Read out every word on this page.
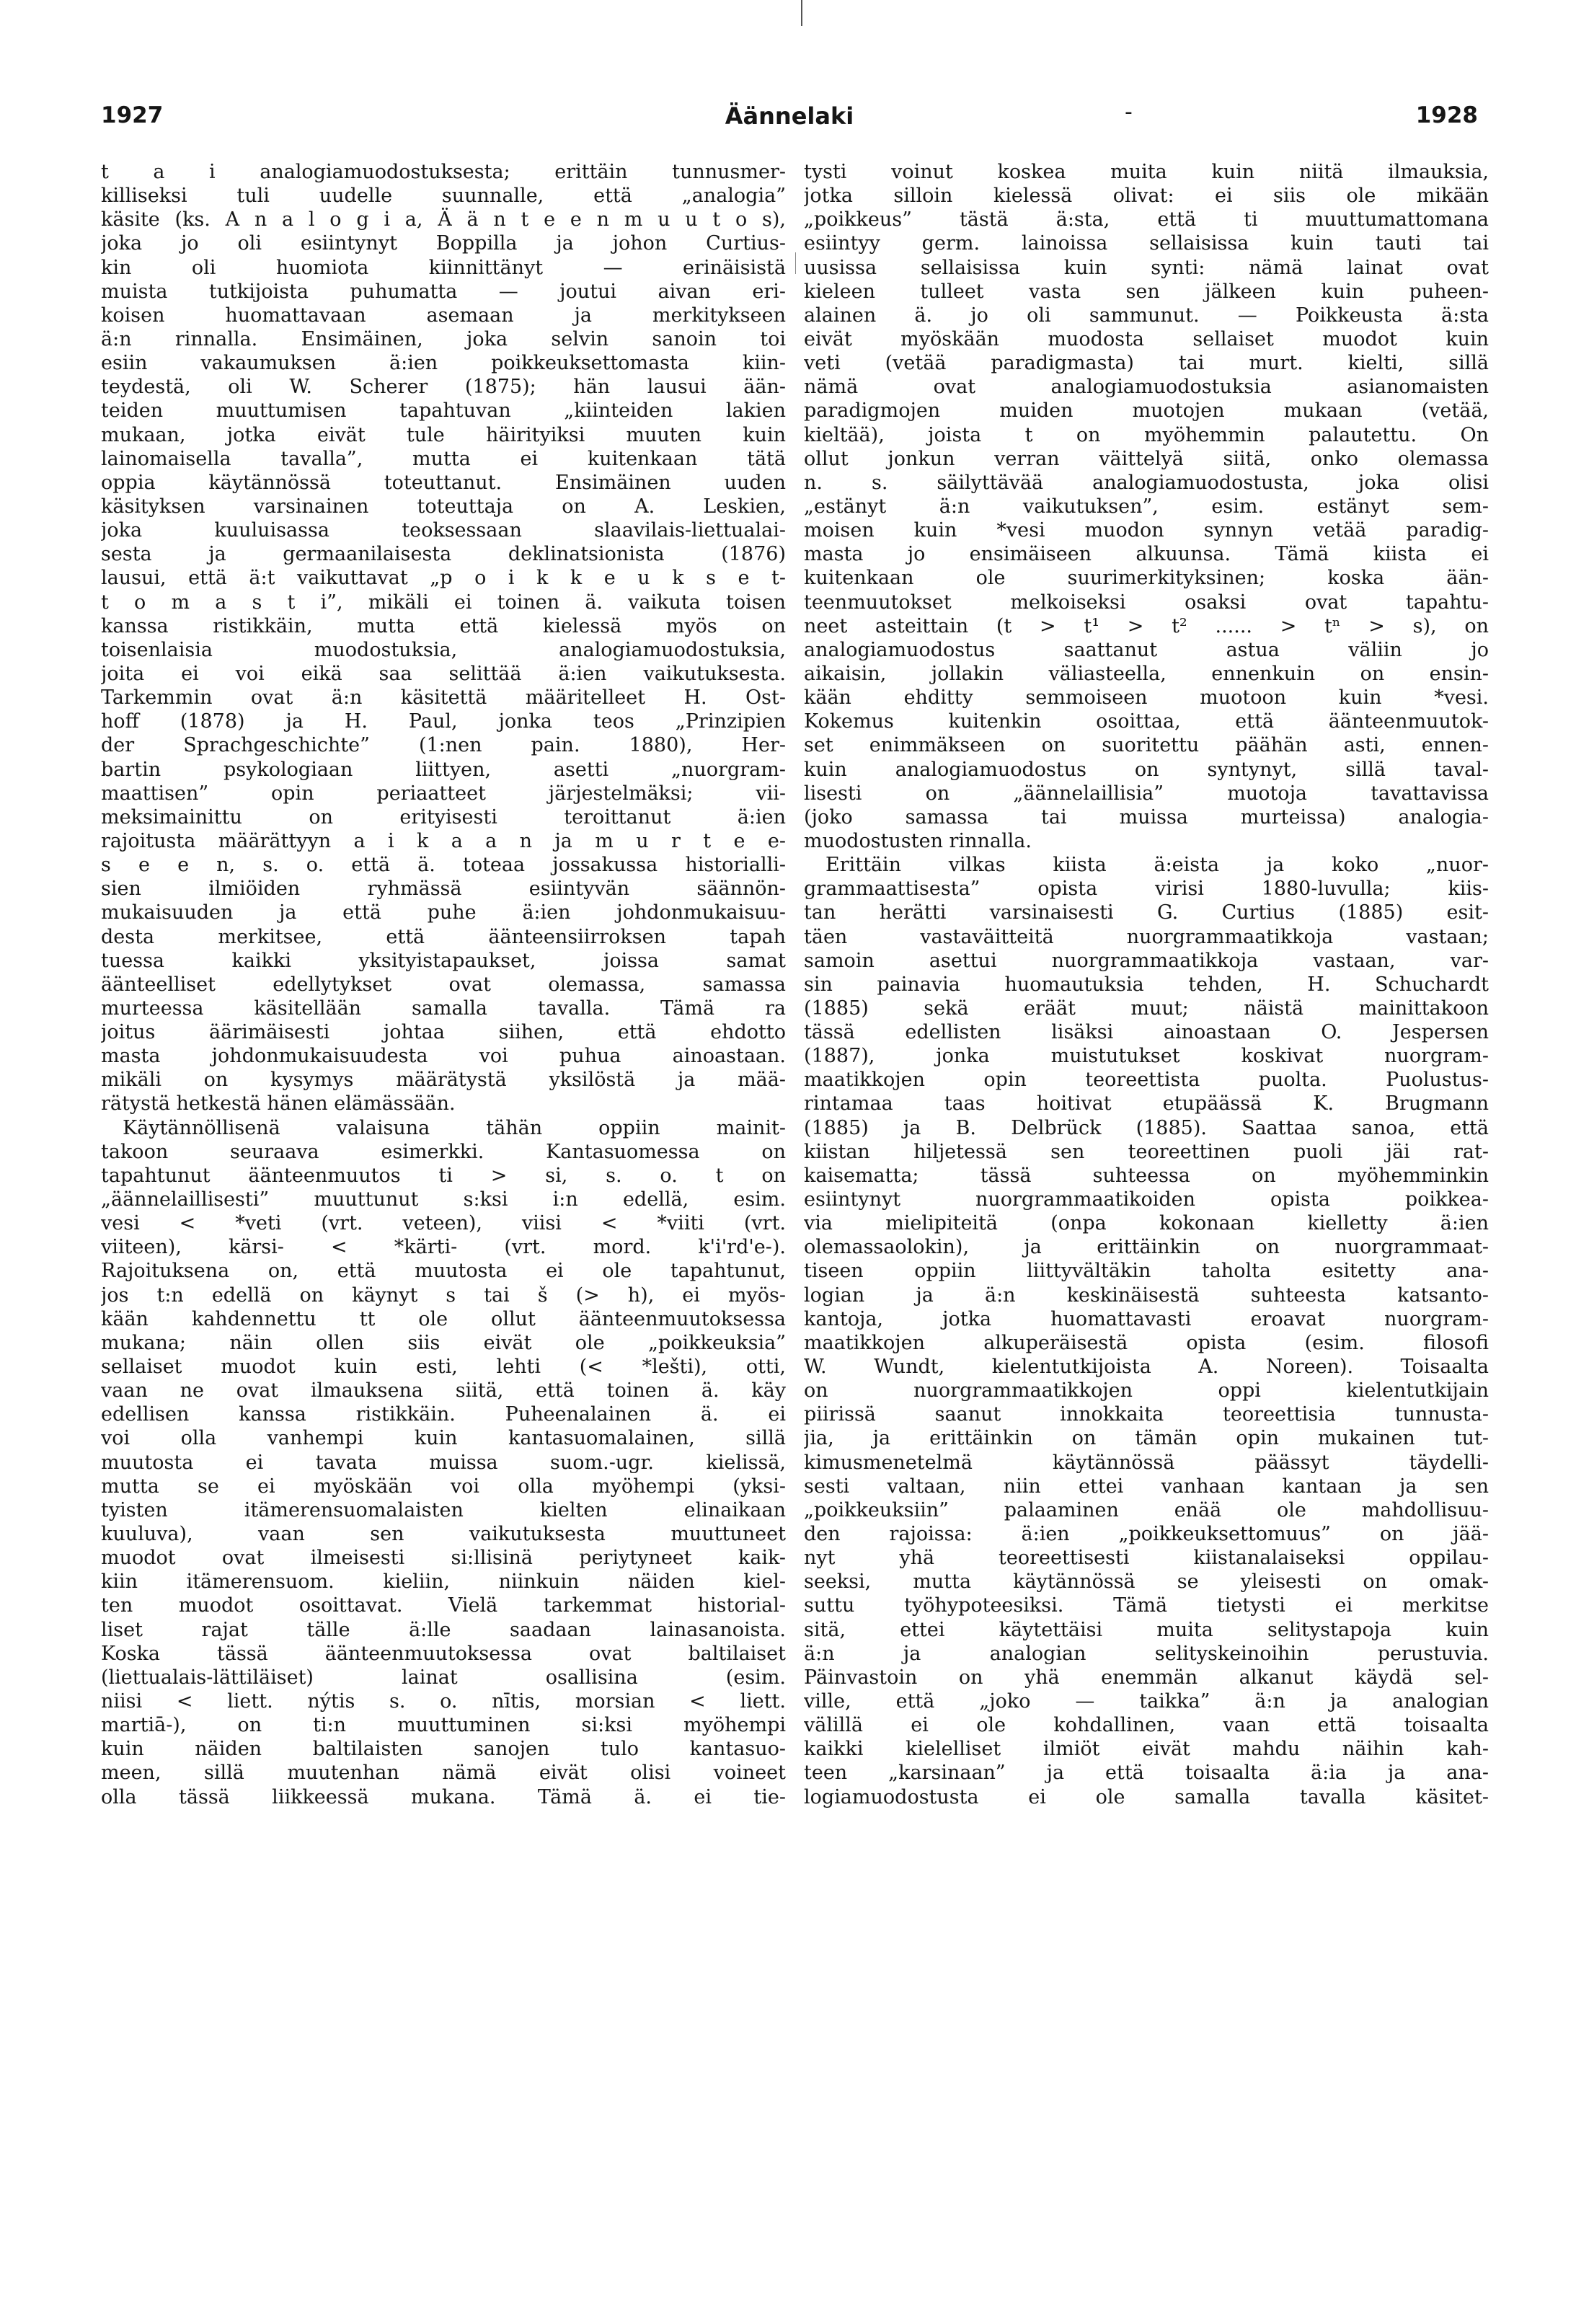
1927	Äännelaki	-	1928
t a i analogiamuodostuksesta; erittäin tunnusmer-
killiseksi tuli uudelle suunnalle, että „analogia”
käsite (ks. A n a l o g i a, Ä ä n t e e n m u u t o s),
joka jo oli esiintynyt Boppilla ja johon Curtius-
kin oli huomiota kiinnittänyt — erinäisistä
muista tutkijoista puhumatta — joutui aivan eri-
koisen huomattavaan asemaan ja merkitykseen
ä:n rinnalla. Ensimäinen, joka selvin sanoin toi
esiin vakaumuksen ä:ien poikkeuksettomasta kiin-
teydestä, oli W. Scherer (1875); hän lausui ään-
teiden muuttumisen tapahtuvan „kiinteiden lakien
mukaan, jotka eivät tule häirityiksi muuten kuin
lainomaisella tavalla”, mutta ei kuitenkaan tätä
oppia käytännössä toteuttanut. Ensimäinen uuden
käsityksen varsinainen toteuttaja on A. Leskien,
joka kuuluisassa teoksessaan slaavilais-liettualai-
sesta ja germaanilaisesta deklinatsionista (1876)
lausui, että ä:t vaikuttavat „p o i k k e u k s e t-
t o m a s t i”, mikäli ei toinen ä. vaikuta toisen
kanssa ristikkäin, mutta että kielessä myös on
toisenlaisia muodostuksia, analogiamuodostuksia,
joita ei voi eikä saa selittää ä:ien vaikutuksesta.
Tarkemmin ovat ä:n käsitettä määritelleet H. Ost-
hoff (1878) ja H. Paul, jonka teos „Prinzipien
der Sprachgeschichte” (1:nen pain. 1880), Her-
bartin psykologiaan liittyen, asetti „nuorgram-
maattisen” opin periaatteet järjestelmäksi; vii-
meksimainittu on erityisesti teroittanut ä:ien
rajoitusta määrättyyn a i k a a n ja m u r t e e-
s e e n, s. o. että ä. toteaa jossakussa historialli-
sien ilmiöiden ryhmässä esiintyvän säännön-
mukaisuuden ja että puhe ä:ien johdonmukaisuu-
desta merkitsee, että äänteensiirroksen tapah
tuessa kaikki yksityistapaukset, joissa samat
äänteelliset edellytykset ovat olemassa, samassa
murteessa käsitellään samalla tavalla. Tämä ra
joitus äärimäisesti johtaa siihen, että ehdotto
masta johdonmukaisuudesta voi puhua ainoastaan.
mikäli on kysymys määrätystä yksilöstä ja mää-
rätystä hetkestä hänen elämässään.
Käytännöllisenä valaisuna tähän oppiin mainit-
takoon seuraava esimerkki. Kantasuomessa on
tapahtunut äänteenmuutos ti > si, s. o. t on
„äännelaillisesti” muuttunut s:ksi i:n edellä, esim.
vesi < *veti (vrt. veteen), viisi < *viiti (vrt.
viiteen), kärsi- < *kärti- (vrt. mord. k'i'rd'e-).
Rajoituksena on, että muutosta ei ole tapahtunut,
jos t:n edellä on käynyt s tai š (> h), ei myös-
kään kahdennettu tt ole ollut äänteenmuutoksessa
mukana; näin ollen siis eivät ole „poikkeuksia”
sellaiset muodot kuin esti, lehti (< *lešti), otti,
vaan ne ovat ilmauksena siitä, että toinen ä. käy
edellisen kanssa ristikkäin. Puheenalainen ä. ei
voi olla vanhempi kuin kantasuomalainen, sillä
muutosta ei tavata muissa suom.-ugr. kielissä,
mutta se ei myöskään voi olla myöhempi (yksi-
tyisten itämerensuomalaisten kielten elinaikaan
kuuluva), vaan sen vaikutuksesta muuttuneet
muodot ovat ilmeisesti si:llisinä periytyneet kaik-
kiin itämerensuom. kieliin, niinkuin näiden kiel-
ten muodot osoittavat. Vielä tarkemmat historial-
liset rajat tälle ä:lle saadaan lainasanoista.
Koska tässä äänteenmuutoksessa ovat baltilaiset
(liettualais-lättiläiset) lainat osallisina (esim.
niisi < liett. nýtis s. o. nītis, morsian < liett.
martiā-), on ti:n muuttuminen si:ksi myöhempi
kuin näiden baltilaisten sanojen tulo kantasuo-
meen, sillä muutenhan nämä eivät olisi voineet
olla tässä liikkeessä mukana. Tämä ä. ei tie-
tysti voinut koskea muita kuin niitä ilmauksia,
jotka silloin kielessä olivat: ei siis ole mikään
„poikkeus” tästä ä:sta, että ti muuttumattomana
esiintyy germ. lainoissa sellaisissa kuin tauti tai
uusissa sellaisissa kuin synti: nämä lainat ovat
kieleen tulleet vasta sen jälkeen kuin puheen-
alainen ä. jo oli sammunut. — Poikkeusta ä:sta
eivät myöskään muodosta sellaiset muodot kuin
veti (vetää paradigmasta) tai murt. kielti, sillä
nämä ovat analogiamuodostuksia asianomaisten
paradigmojen muiden muotojen mukaan (vetää,
kieltää), joista t on myöhemmin palautettu. On
ollut jonkun verran väittelyä siitä, onko olemassa
n. s. säilyttävää analogiamuodostusta, joka olisi
„estänyt ä:n vaikutuksen”, esim. estänyt sem-
moisen kuin *vesi muodon synnyn vetää paradig-
masta jo ensimäiseen alkuunsa. Tämä kiista ei
kuitenkaan ole suurimerkityksinen; koska ään-
teenmuutokset melkoiseksi osaksi ovat tapahtu-
neet asteittain (t > t¹ > t² ...... > tⁿ > s), on
analogiamuodostus saattanut astua väliin jo
aikaisin, jollakin väliasteella, ennenkuin on ensin-
kään ehditty semmoiseen muotoon kuin *vesi.
Kokemus kuitenkin osoittaa, että äänteenmuutok-
set enimmäkseen on suoritettu päähän asti, ennen-
kuin analogiamuodostus on syntynyt, sillä taval-
lisesti on „äännelaillisia” muotoja tavattavissa
(joko samassa tai muissa murteissa) analogia-
muodostusten rinnalla.
Erittäin vilkas kiista ä:eista ja koko „nuor-
grammaattisesta” opista virisi 1880-luvulla; kiis-
tan herätti varsinaisesti G. Curtius (1885) esit-
täen vastaväitteitä nuorgrammaatikkoja vastaan;
samoin asettui nuorgrammaatikkoja vastaan, var-
sin painavia huomautuksia tehden, H. Schuchardt
(1885) sekä eräät muut; näistä mainittakoon
tässä edellisten lisäksi ainoastaan O. Jespersen
(1887), jonka muistutukset koskivat nuorgram-
maatikkojen opin teoreettista puolta. Puolustus-
rintamaa taas hoitivat etupäässä K. Brugmann
(1885) ja B. Delbrück (1885). Saattaa sanoa, että
kiistan hiljetessä sen teoreettinen puoli jäi rat-
kaisematta; tässä suhteessa on myöhemminkin
esiintynyt nuorgrammaatikoiden opista poikkea-
via mielipiteitä (onpa kokonaan kielletty ä:ien
olemassaolokin), ja erittäinkin on nuorgrammaat-
tiseen oppiin liittyvältäkin taholta esitetty ana-
logian ja ä:n keskinäisestä suhteesta katsanto-
kantoja, jotka huomattavasti eroavat nuorgram-
maatikkojen alkuperäisestä opista (esim. filosofi
W. Wundt, kielentutkijoista A. Noreen). Toisaalta
on nuorgrammaatikkojen oppi kielentutkijain
piirissä saanut innokkaita teoreettisia tunnusta-
jia, ja erittäinkin on tämän opin mukainen tut-
kimusmenetelmä käytännössä päässyt täydelli-
sesti valtaan, niin ettei vanhaan kantaan ja sen
„poikkeuksiin” palaaminen enää ole mahdollisuu-
den rajoissa: ä:ien „poikkeuksettomuus” on jää-
nyt yhä teoreettisesti kiistanalaiseksi oppilau-
seeksi, mutta käytännössä se yleisesti on omak-
suttu työhypoteesiksi. Tämä tietysti ei merkitse
sitä, ettei käytettäisi muita selitystapoja kuin
ä:n ja analogian selityskeinoihin perustuvia.
Päinvastoin on yhä enemmän alkanut käydä sel-
ville, että „joko — taikka” ä:n ja analogian
välillä ei ole kohdallinen, vaan että toisaalta
kaikki kielelliset ilmiöt eivät mahdu näihin kah-
teen „karsinaan” ja että toisaalta ä:ia ja ana-
logiamuodostusta ei ole samalla tavalla käsitet-
